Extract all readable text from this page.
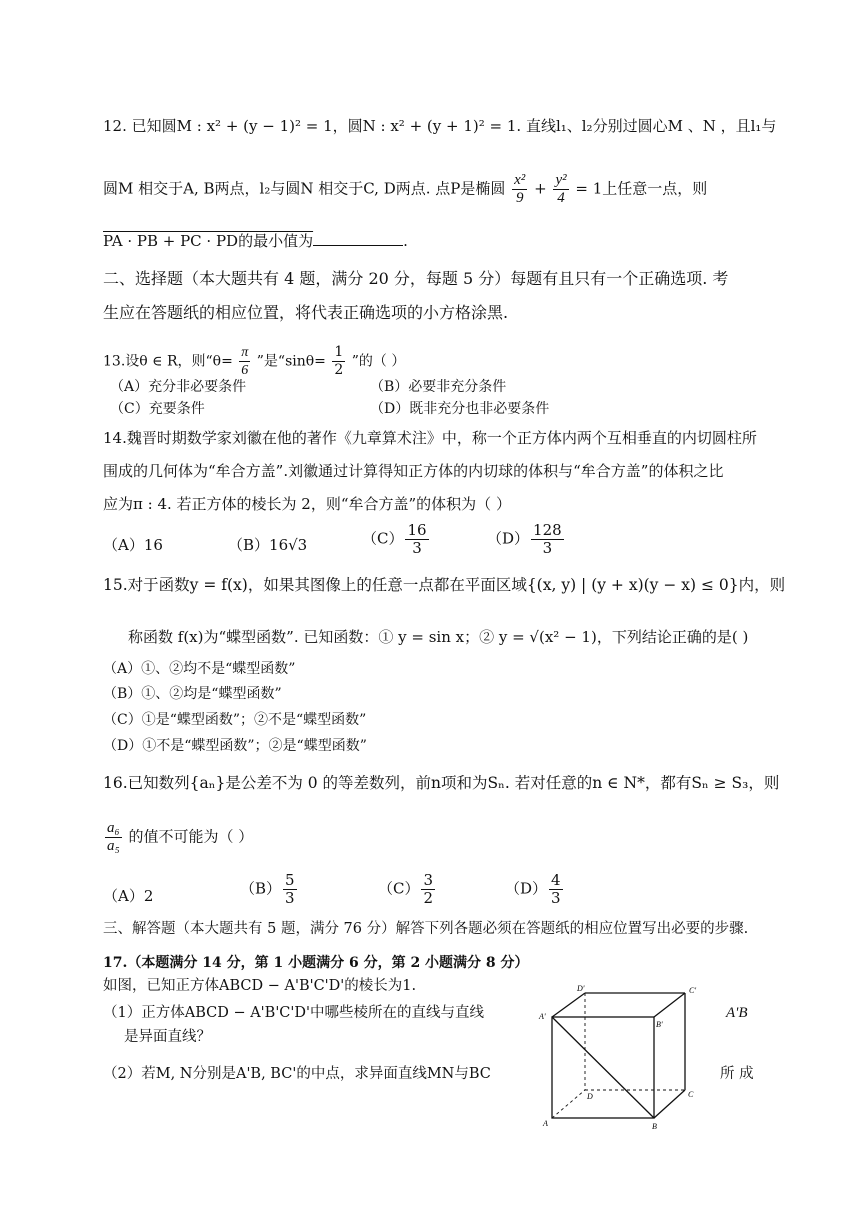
12. 已知圆M : x² + (y − 1)² = 1，圆N : x² + (y + 1)² = 1. 直线l₁、l₂分别过圆心M 、N ，且l₁与
圆M 相交于A, B两点，l₂与圆N 相交于C, D两点. 点P是椭圆 $\frac{\text{x²}}{9} + \frac{\text{y²}}{4} = 1$上任意一点，则
PA · PB + PC · PD的最小值为	.
二、选择题（本大题共有 4 题，满分 20 分，每题 5 分）每题有且只有一个正确选项. 考
生应在答题纸的相应位置，将代表正确选项的小方格涂黑.
13.设θ ∈ R，则“$\theta= \frac{\pi}{6}$ ”是“$\sin\theta= \frac{1}{2}$ ”的（ ）
（A）充分非必要条件	（B）必要非充分条件
（C）充要条件	（D）既非充分也非必要条件
14.魏晋时期数学家刘徽在他的著作《九章算术注》中，称一个正方体内两个互相垂直的内切圆柱所
围成的几何体为“牟合方盖”.刘徽通过计算得知正方体的内切球的体积与“牟合方盖”的体积之比
应为π : 4. 若正方体的棱长为 2，则“牟合方盖”的体积为（ ）
（A）16	（B）16√3	$(C) \frac{16}{3}$	$(D) \frac{128}{3}$
15.对于函数y = f(x)，如果其图像上的任意一点都在平面区域{(x, y) | (y + x)(y − x) ≤ 0}内，则
称函数 f(x)为“蝶型函数”. 已知函数：① y = sin x；② y = √(x² − 1)，下列结论正确的是( )
（A）①、②均不是“蝶型函数”
（B）①、②均是“蝶型函数”
（C）①是“蝶型函数”；②不是“蝶型函数”
（D）①不是“蝶型函数”；②是“蝶型函数”
16.已知数列{aₙ}是公差不为 0 的等差数列，前n项和为Sₙ. 若对任意的n ∈ N*，都有Sₙ ≥ S₃，则
$\frac{\text{a₆}}{\text{a₅}}$ 的值不可能为（ ）
（A）2	$(B) \frac{5}{3}$	$(C) \frac{3}{2}$	$(D) \frac{4}{3}$
三、解答题（本大题共有 5 题，满分 76 分）解答下列各题必须在答题纸的相应位置写出必要的步骤.
17.（本题满分 14 分，第 1 小题满分 6 分，第 2 小题满分 8 分）
如图，已知正方体ABCD − A'B'C'D'的棱长为1.
（1）正方体ABCD − A'B'C'D'中哪些棱所在的直线与直线	A'B
是异面直线？
（2）若M, N分别是A'B, BC'的中点，求异面直线MN与BC	所 成
D'	C'
A'
B'
D	C
A	B
